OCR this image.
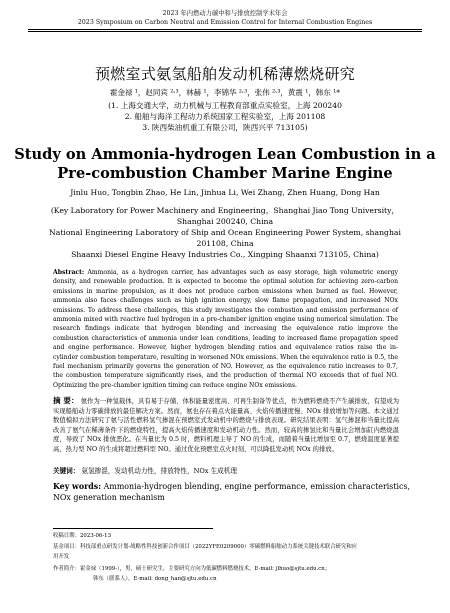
2023 年内燃动力碳中和与排放控制学术年会
2023 Symposium on Carbon Neutral and Emission Control for Internal Combustion Engines
预燃室式氨氢船舶发动机稀薄燃烧研究
霍金禄 ¹，赵同宾 ²˒³，林赫 ¹，李锦华 ²˒³，张伟 ²˒³，黄震 ¹，韩东 ¹*
(1. 上海交通大学，动力机械与工程教育部重点实验室，上海 200240
2. 船舶与海洋工程动力系统国家工程实验室，上海 201108
3. 陕西柴油机重工有限公司，陕西兴平 713105)
Study on Ammonia-hydrogen Lean Combustion in a
Pre-combustion Chamber Marine Engine
Jinlu Huo, Tongbin Zhao, He Lin, Jinhua Li, Wei Zhang, Zhen Huang, Dong Han
(Key Laboratory for Power Machinery and Engineering，Shanghai Jiao Tong University，
Shanghai 200240, China
National Engineering Laboratory of Ship and Ocean Engineering Power System, shanghai
201108, China
Shaanxi Diesel Engine Heavy Industries Co., Xingping Shaanxi 713105, China)
Abstract: Ammonia, as a hydrogen carrier, has advantages such as easy storage, high volumetric energy density, and renewable production. It is expected to become the optimal solution for achieving zero-carbon emissions in marine propulsion, as it does not produce carbon emissions when burned as fuel. However, ammonia also faces challenges such as high ignition energy, slow flame propagation, and increased NOx emissions. To address these challenges, this study investigates the combustion and emission performance of ammonia mixed with reactive fuel hydrogen in a pre-chamber ignition engine using numerical simulation. The research findings indicate that hydrogen blending and increasing the equivalence ratio improve the combustion characteristics of ammonia under lean conditions, leading to increased flame propagation speed and engine performance. However, higher hydrogen blending ratios and equivalence ratios raise the in-cylinder combustion temperature, resulting in worsened NOx emissions. When the equivalence ratio is 0.5, the fuel mechanism primarily governs the generation of NO. However, as the equivalence ratio increases to 0.7, the combustion temperature significantly rises, and the production of thermal NO exceeds that of fuel NO. Optimizing the pre-chamber ignition timing can reduce engine NOx emissions.
摘 要： 氨作为一种氢载体，具有易于存储、体积能量密度高、可再生制备等优点，作为燃料燃烧不产生碳排放，有望成为实现船舶动力零碳排放的最佳解决方案。然而，氨也存在着点火能量高、火焰传播速度慢、NOx 排放增加等问题。本文通过数值模拟方法研究了氨与活性燃料氢气掺混在预燃室式发动机中的燃烧与排放表现。研究结果表明：氢气掺混和当量比提高改善了氨气在稀薄条件下的燃烧特性，提高火焰传播速度和发动机动力性。然而，较高的掺氢比和当量比会增加缸内燃烧温度，导致了 NOx 排放恶化。在当量比为 0.5 时，燃料机理主导了 NO 的生成，而随着当量比增加至 0.7，燃烧温度显著提高，热力型 NO 的生成将超过燃料型 NO。通过优化预燃室点火时刻，可以降低发动机 NOx 的排放。
关键词： 氨氢掺混，发动机动力性，排放特性，NOx 生成机理
Key words: Ammonia-hydrogen blending, engine performance, emission characteristics, NOx generation mechanism
收稿日期：2023-06-13
基金项目：科技部重点研发计划-战略性科技创新合作项目（2022YFE0209000）零碳燃料船舶动力系统关键技术联合研究和应
用开发
作者简介：霍金禄（1999-），男，硕士研究生，主要研究方向为低碳燃料燃烧技术，E-mail: jlhuo@sjtu.edu.cn；
韩东（联系人），E-mail: dong_han@sjtu.edu.cn
